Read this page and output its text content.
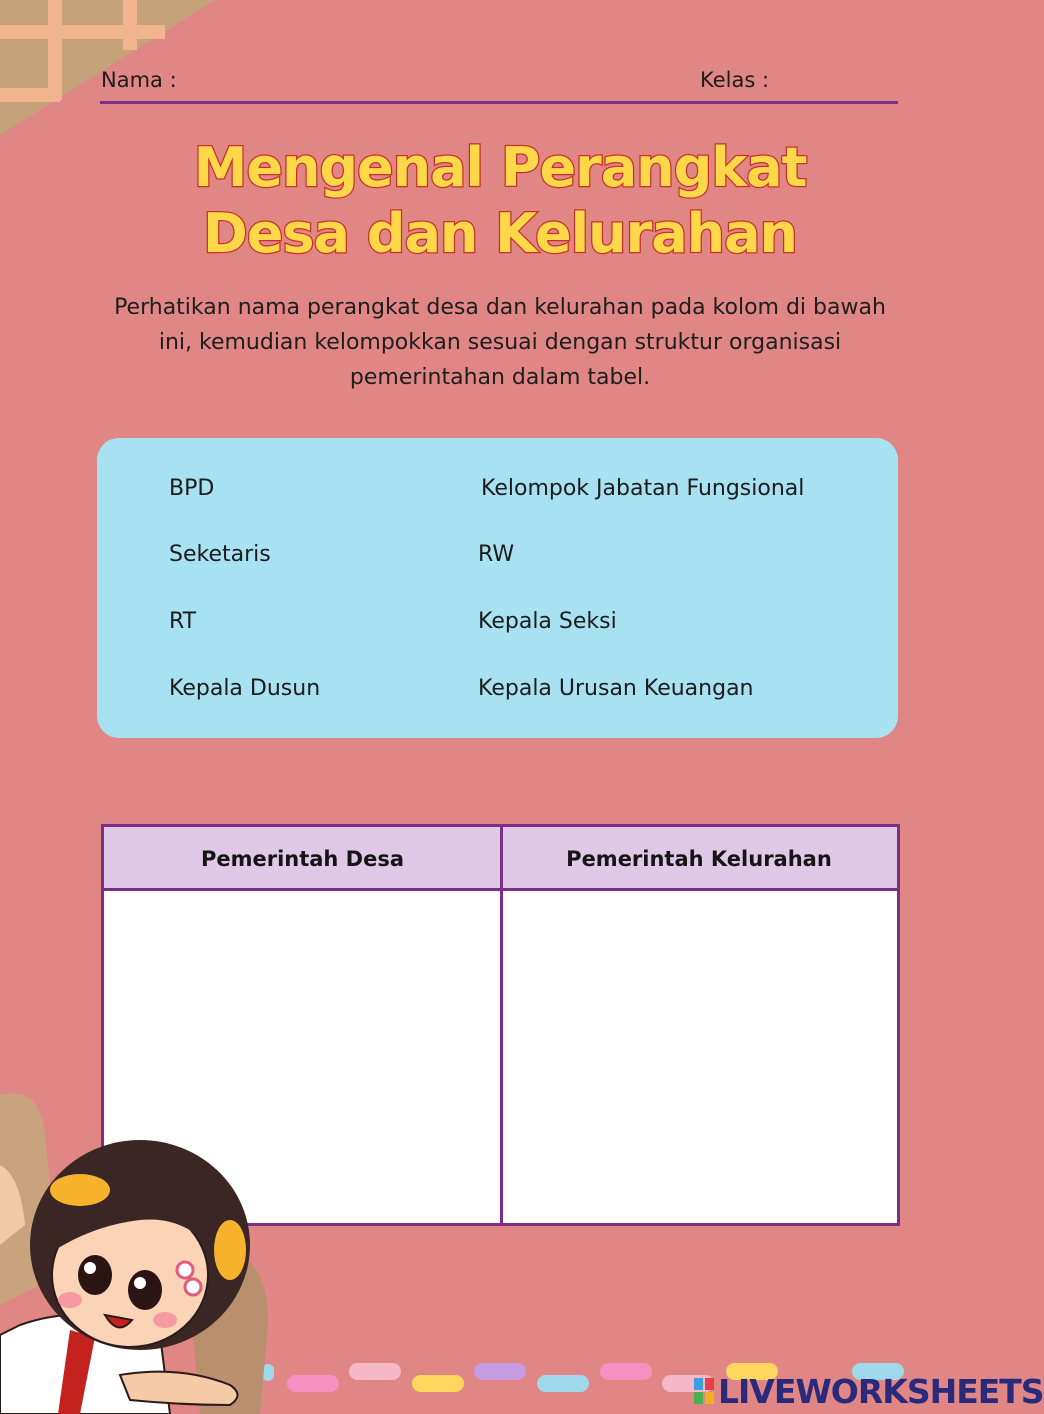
Nama :	Kelas :
Mengenal Perangkat
Desa dan Kelurahan
Perhatikan nama perangkat desa dan kelurahan pada kolom di bawah ini, kemudian kelompokkan sesuai dengan struktur organisasi pemerintahan dalam tabel.
BPD
Seketaris
RT
Kepala Dusun
Kelompok Jabatan Fungsional
RW
Kepala Seksi
Kepala Urusan Keuangan
Pemerintah Desa	Pemerintah Kelurahan
LIVEWORKSHEETS
